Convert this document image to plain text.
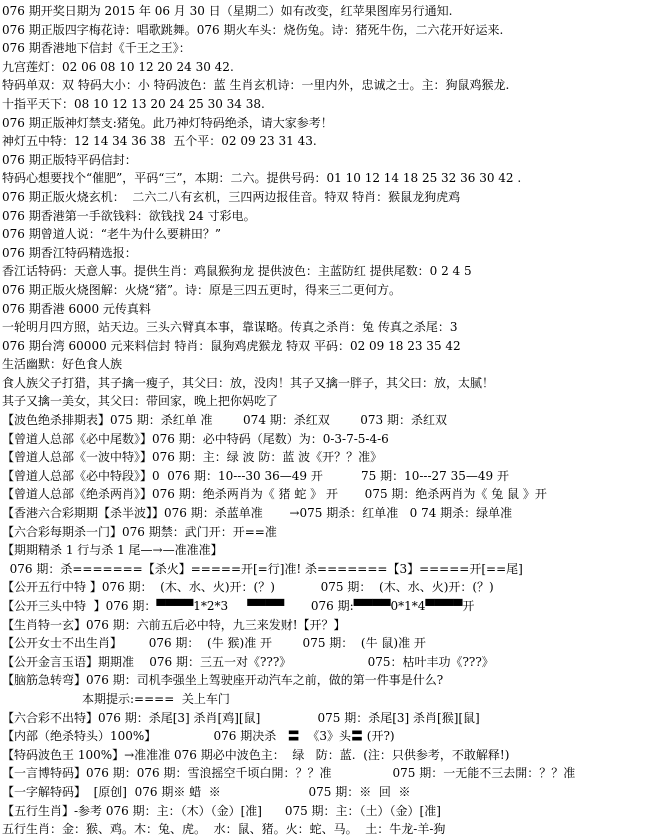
076 期开奖日期为 2015 年 06 月 30 日（星期二）如有改变，红苹果图库另行通知.
076 期正版四字梅花诗：唱歌跳舞。076 期火车头：烧伤兔。诗：猪死牛伤，二六花开好运来.
076 期香港地下信封《千王之王》：
九宫莲灯：02 06 08 10 12 20 24 30 42.
特码单双：双 特码大小：小 特码波色：蓝 生肖玄机诗：一里内外，忠诚之士。主：狗鼠鸡猴龙.
十指平天下：08 10 12 13 20 24 25 30 34 38.
076 期正版神灯禁支:猪兔。此乃神灯特码绝杀，请大家参考！
神灯五中特：12 14 34 36 38  五个平：02 09 23 31 43.
076 期正版特平码信封：
特码心想要找个“催肥”，平码“三”，本期：二六。提供号码：01 10 12 14 18 25 32 36 30 42 .
076 期正版火烧玄机：  二六二八有玄机，三四两边报佳音。特双 特肖：猴鼠龙狗虎鸡
076 期香港第一手欲钱料：欲钱找 24 寸彩电。
076 期曾道人说：“老牛为什么要耕田？”
076 期香江特码精选报：
香江话特码：天意人事。提供生肖：鸡鼠猴狗龙 提供波色：主蓝防红 提供尾数：0 2 4 5
076 期正版火烧图解：火烧“猪”。诗：原是三四五更时，得来三二更何方。
076 期香港 6000 元传真料
一轮明月四方照，站天边。三头六臂真本事，靠谋略。传真之杀肖：兔 传真之杀尾：3
076 期台湾 60000 元来料信封 特肖：鼠狗鸡虎猴龙 特双 平码：02 09 18 23 35 42
生活幽默：好色食人族
食人族父子打猎，其子擒一瘦子，其父曰：放，没肉！其子又擒一胖子，其父曰：放，太腻！
其子又擒一美女，其父曰：带回家，晚上把你妈吃了
【波色绝杀排期表】075 期：杀红单 准        074 期：杀红双        073 期：杀红双
【曾道人总部《必中尾数》】076 期：必中特码（尾数）为：0-3-7-5-4-6
【曾道人总部《一波中特》】076 期：主：绿 波 防：蓝 波《开？？准》
【曾道人总部《必中特段》】0  076 期：10---30 36—49 开          75 期：10---27 35—49 开
【曾道人总部《绝杀两肖》】076 期：绝杀两肖为《 猪 蛇 》 开       075 期：绝杀两肖为《 兔 鼠 》开
【香港六合彩期期【杀半波】】076 期：杀蓝单准       →075 期杀：红单准   0 74 期杀：绿单准
【六合彩每期杀一门】076 期禁：武门开：开==准
【期期精杀 1 行与杀 1 尾—→—准准准】
076 期：杀=======【杀火】=====开[=行]准! 杀=======【3】=====开[==尾]
【公开五行中特 】076 期：  (木、水、火)开：(？)            075 期：  (木、水、火)开：(？)
【公开三头中特  】076 期：▀▀▀▀1*2*3     ▀▀▀▀       076 期:▀▀▀▀0*1*4▀▀▀▀开
【生肖特一玄】076 期：六前五后必中特，九三来发财!【开？】
【公开女士不出生肖】       076 期：  (牛 猴)准 开        075 期：  (牛 鼠)准 开
【公开金言玉语】期期准    076 期：三五一对《???》                    075：枯叶丰功《???》
【脑筋急转弯】076 期：司机李强坐上驾驶座开动汽车之前，做的第一件事是什么?
本期提示:====  关上车门
【六合彩不出特】076 期：杀尾[3] 杀肖[鸡][鼠]               075 期：杀尾[3] 杀肖[猴][鼠]
【内部（绝杀特头）100%】               076 期决杀   〓  《3》头〓 (开?)
【特码波色王 100%】→准准准 076 期必中波色主：  绿   防：蓝.  (注：只供参考，不敢解释!)
【一言博特码】076 期：076 期：雪浪摇空千顷白開：？？准                075 期：一无能不三去開：？？准
【一字解特码】  [原创]  076 期※ 蜡  ※                       075 期：※  回  ※
【五行生肖】-参考 076 期：主：（木）（金）[准]      075 期：主：（土）（金）[准]
五行生肖：金：猴、鸡。木：兔、虎。  水：鼠、猪。火：蛇、马。  土：牛龙-羊-狗
